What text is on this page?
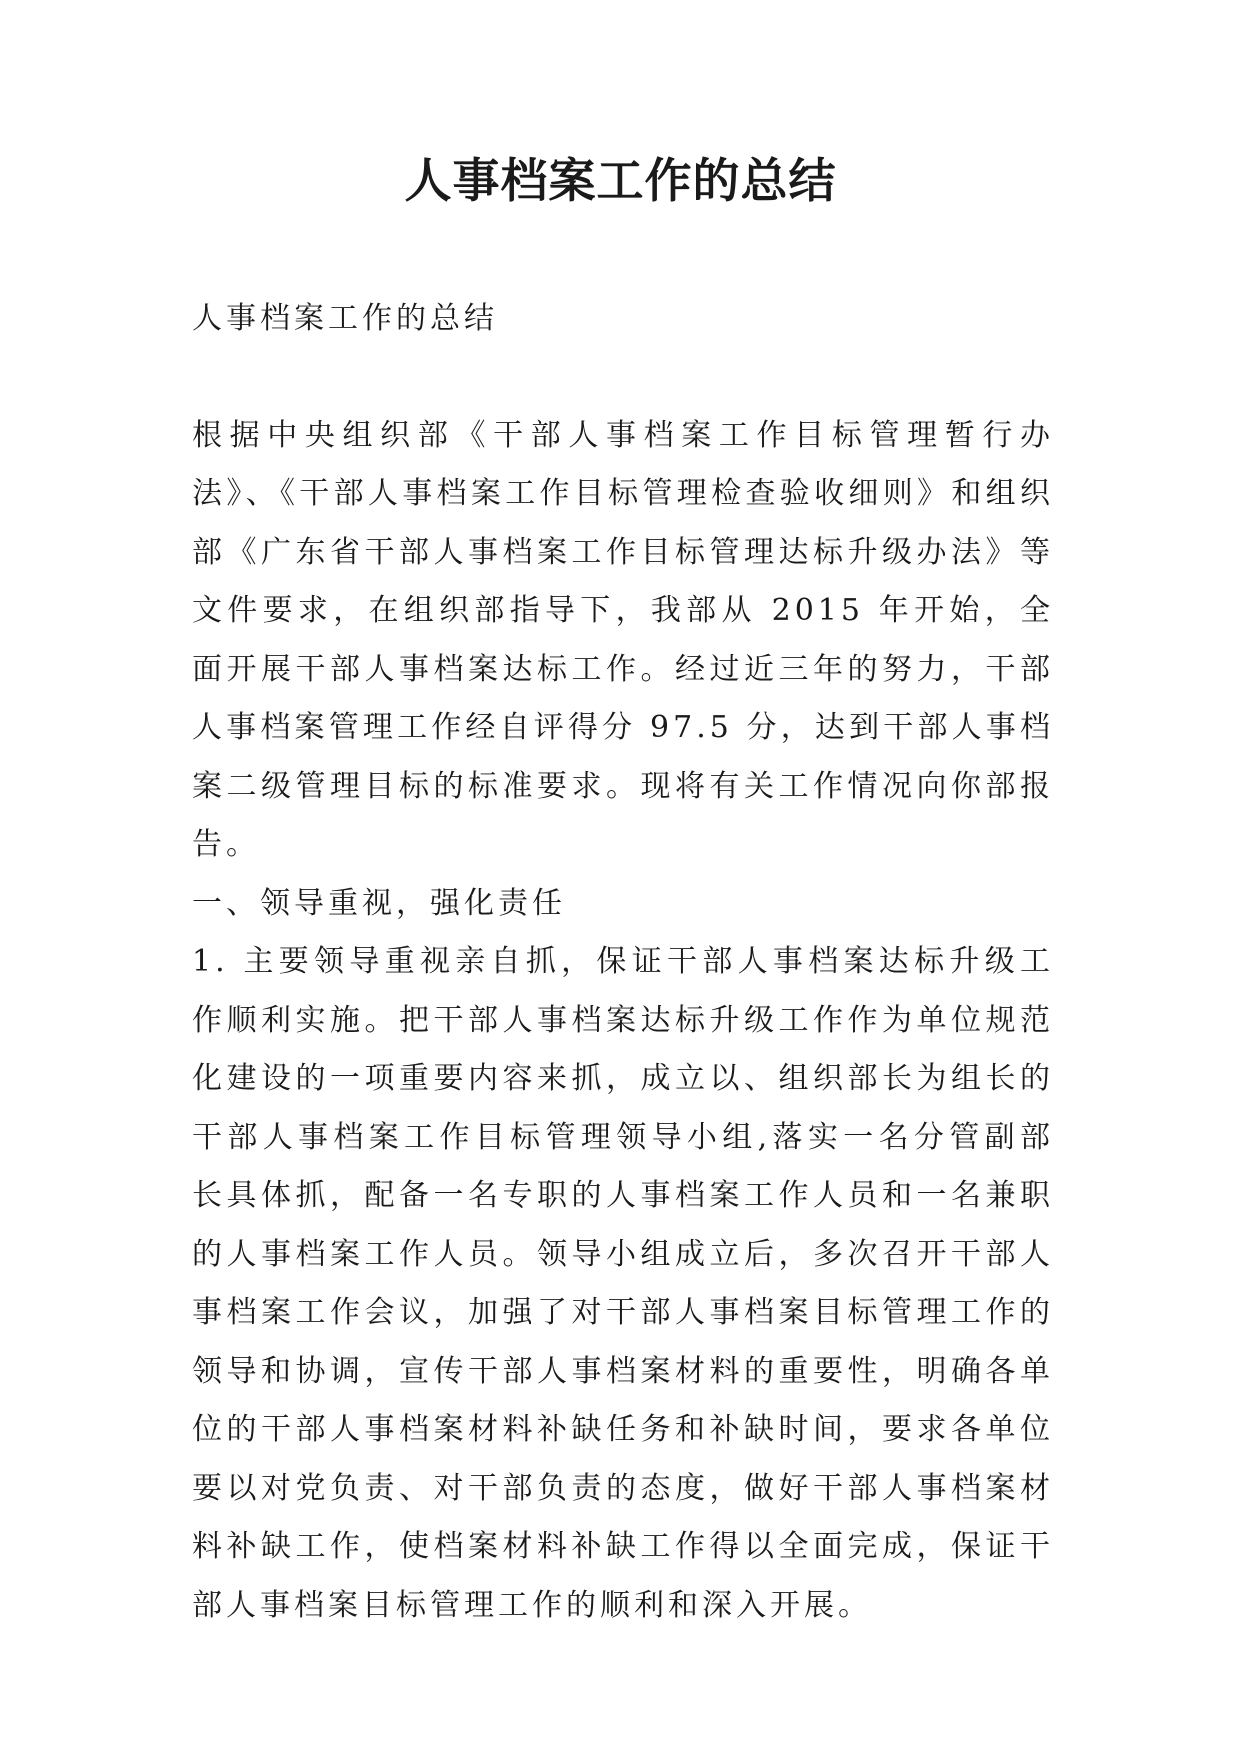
人事档案工作的总结

人事档案工作的总结

根据中央组织部《干部人事档案工作目标管理暂行办法》、《干部人事档案工作目标管理检查验收细则》和组织部《广东省干部人事档案工作目标管理达标升级办法》等文件要求，在组织部指导下，我部从 2015 年开始，全面开展干部人事档案达标工作。经过近三年的努力，干部人事档案管理工作经自评得分 97.5 分，达到干部人事档案二级管理目标的标准要求。现将有关工作情况向你部报告。

一、领导重视，强化责任

1. 主要领导重视亲自抓，保证干部人事档案达标升级工作顺利实施。把干部人事档案达标升级工作作为单位规范化建设的一项重要内容来抓，成立以、组织部长为组长的干部人事档案工作目标管理领导小组,落实一名分管副部长具体抓，配备一名专职的人事档案工作人员和一名兼职的人事档案工作人员。领导小组成立后，多次召开干部人事档案工作会议，加强了对干部人事档案目标管理工作的领导和协调，宣传干部人事档案材料的重要性，明确各单位的干部人事档案材料补缺任务和补缺时间，要求各单位要以对党负责、对干部负责的态度，做好干部人事档案材料补缺工作，使档案材料补缺工作得以全面完成，保证干部人事档案目标管理工作的顺利和深入开展。
